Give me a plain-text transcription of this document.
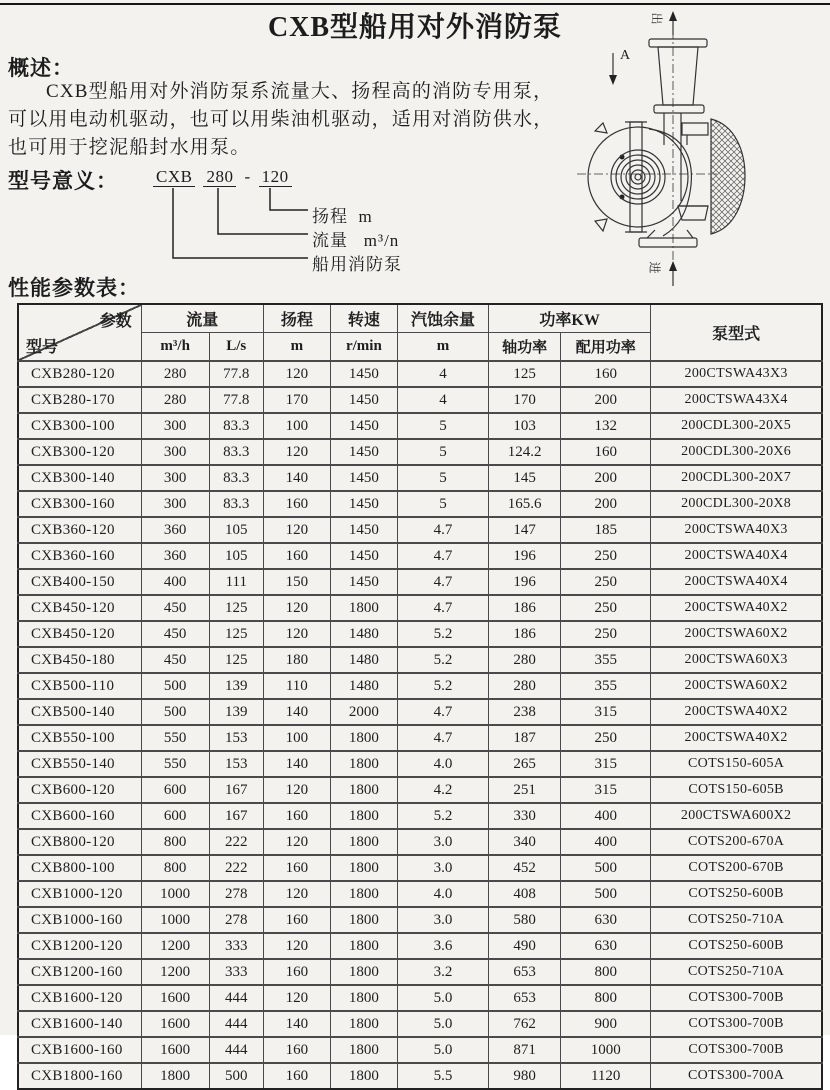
CXB型船用对外消防泵
概述：

CXB型船用对外消防泵系流量大、扬程高的消防专用泵，可以用电动机驱动，也可以用柴油机驱动，适用对消防供水，也可用于挖泥船封水用泵。

型号意义： CXB 280 - 120
扬程  m
流量   m³/n
船用消防泵
出
进
A
性能参数表：
参数
型号	流量		扬程	转速	汽蚀余量	功率KW		泵型式
	m³/h	L/s	m	r/min	m	轴功率	配用功率	
CXB280-120	280	77.8	120	1450	4	125	160	200CTSWA43X3
CXB280-170	280	77.8	170	1450	4	170	200	200CTSWA43X4
CXB300-100	300	83.3	100	1450	5	103	132	200CDL300-20X5
CXB300-120	300	83.3	120	1450	5	124.2	160	200CDL300-20X6
CXB300-140	300	83.3	140	1450	5	145	200	200CDL300-20X7
CXB300-160	300	83.3	160	1450	5	165.6	200	200CDL300-20X8
CXB360-120	360	105	120	1450	4.7	147	185	200CTSWA40X3
CXB360-160	360	105	160	1450	4.7	196	250	200CTSWA40X4
CXB400-150	400	111	150	1450	4.7	196	250	200CTSWA40X4
CXB450-120	450	125	120	1800	4.7	186	250	200CTSWA40X2
CXB450-120	450	125	120	1480	5.2	186	250	200CTSWA60X2
CXB450-180	450	125	180	1480	5.2	280	355	200CTSWA60X3
CXB500-110	500	139	110	1480	5.2	280	355	200CTSWA60X2
CXB500-140	500	139	140	2000	4.7	238	315	200CTSWA40X2
CXB550-100	550	153	100	1800	4.7	187	250	200CTSWA40X2
CXB550-140	550	153	140	1800	4.0	265	315	COTS150-605A
CXB600-120	600	167	120	1800	4.2	251	315	COTS150-605B
CXB600-160	600	167	160	1800	5.2	330	400	200CTSWA600X2
CXB800-120	800	222	120	1800	3.0	340	400	COTS200-670A
CXB800-100	800	222	160	1800	3.0	452	500	COTS200-670B
CXB1000-120	1000	278	120	1800	4.0	408	500	COTS250-600B
CXB1000-160	1000	278	160	1800	3.0	580	630	COTS250-710A
CXB1200-120	1200	333	120	1800	3.6	490	630	COTS250-600B
CXB1200-160	1200	333	160	1800	3.2	653	800	COTS250-710A
CXB1600-120	1600	444	120	1800	5.0	653	800	COTS300-700B
CXB1600-140	1600	444	140	1800	5.0	762	900	COTS300-700B
CXB1600-160	1600	444	160	1800	5.0	871	1000	COTS300-700B
CXB1800-160	1800	500	160	1800	5.5	980	1120	COTS300-700A
